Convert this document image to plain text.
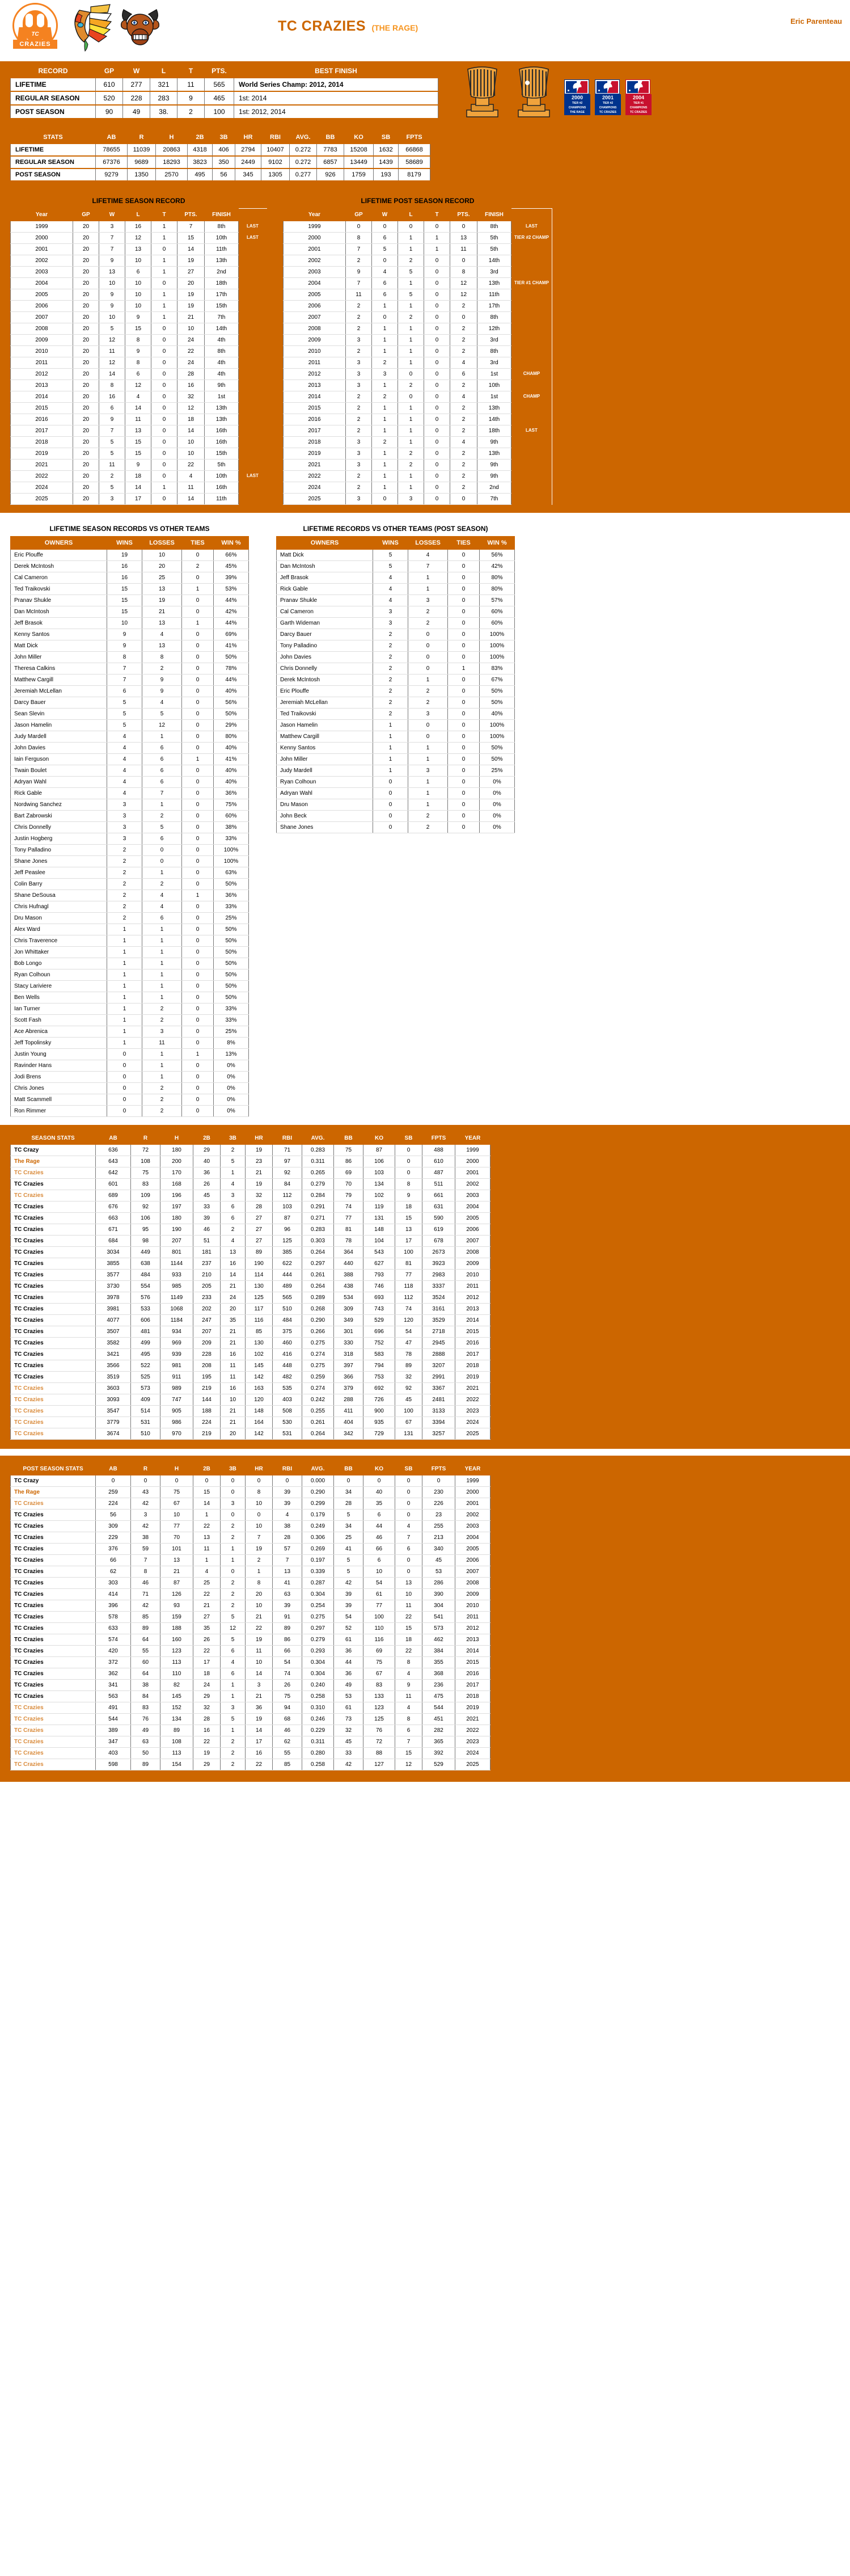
TC
CRAZIES
TC CRAZIES (THE RAGE)
Eric Parenteau
RECORD	GP	W	L	T	PTS.	BEST FINISH
LIFETIME	610	277	321	11	565	World Series Champ: 2012, 2014
REGULAR SEASON	520	228	283	9	465	1st: 2014
POST SEASON	90	49	38.	2	100	1st: 2012, 2014
2000
TIER #2
CHAMPIONS
THE RAGE
2001
TIER #2
CHAMPIONS
TC CRAZIES
2004
TIER #1
CHAMPIONS
TC CRAZIES
STATS	AB	R	H	2B	3B	HR	RBI	AVG.	BB	KO	SB	FPTS
LIFETIME	78655	11039	20863	4318	406	2794	10407	0.272	7783	15208	1632	66868
REGULAR SEASON	67376	9689	18293	3823	350	2449	9102	0.272	6857	13449	1439	58689
POST SEASON	9279	1350	2570	495	56	345	1305	0.277	926	1759	193	8179
LIFETIME SEASON RECORD
Year	GP	W	L	T	PTS.	FINISH	
1999	20	3	16	1	7	8th	LAST
2000	20	7	12	1	15	10th	LAST
2001	20	7	13	0	14	11th	
2002	20	9	10	1	19	13th	
2003	20	13	6	1	27	2nd	
2004	20	10	10	0	20	18th	
2005	20	9	10	1	19	17th	
2006	20	9	10	1	19	15th	
2007	20	10	9	1	21	7th	
2008	20	5	15	0	10	14th	
2009	20	12	8	0	24	4th	
2010	20	11	9	0	22	8th	
2011	20	12	8	0	24	4th	
2012	20	14	6	0	28	4th	
2013	20	8	12	0	16	9th	
2014	20	16	4	0	32	1st	
2015	20	6	14	0	12	13th	
2016	20	9	11	0	18	13th	
2017	20	7	13	0	14	16th	
2018	20	5	15	0	10	16th	
2019	20	5	15	0	10	15th	
2021	20	11	9	0	22	5th	
2022	20	2	18	0	4	10th	LAST
2024	20	5	14	1	11	16th	
2025	20	3	17	0	14	11th	
LIFETIME POST SEASON RECORD
Year	GP	W	L	T	PTS.	FINISH	
1999	0	0	0	0	0	8th	LAST
2000	8	6	1	1	13	5th	TIER #2 CHAMP
2001	7	5	1	1	11	5th	
2002	2	0	2	0	0	14th	
2003	9	4	5	0	8	3rd	
2004	7	6	1	0	12	13th	TIER #1 CHAMP
2005	11	6	5	0	12	11th	
2006	2	1	1	0	2	17th	
2007	2	0	2	0	0	8th	
2008	2	1	1	0	2	12th	
2009	3	1	1	0	2	3rd	
2010	2	1	1	0	2	8th	
2011	3	2	1	0	4	3rd	
2012	3	3	0	0	6	1st	CHAMP
2013	3	1	2	0	2	10th	
2014	2	2	0	0	4	1st	CHAMP
2015	2	1	1	0	2	13th	
2016	2	1	1	0	2	14th	
2017	2	1	1	0	2	18th	LAST
2018	3	2	1	0	4	9th	
2019	3	1	2	0	2	13th	
2021	3	1	2	0	2	9th	
2022	2	1	1	0	2	9th	
2024	2	1	1	0	2	2nd	
2025	3	0	3	0	0	7th	
LIFETIME SEASON RECORDS VS OTHER TEAMS
OWNERS	WINS	LOSSES	TIES	WIN %
Eric Plouffe	19	10	0	66%
Derek McIntosh	16	20	2	45%
Cal Cameron	16	25	0	39%
Ted Traikovski	15	13	1	53%
Pranav Shukle	15	19	0	44%
Dan McIntosh	15	21	0	42%
Jeff Brasok	10	13	1	44%
Kenny Santos	9	4	0	69%
Matt Dick	9	13	0	41%
John Miller	8	8	0	50%
Theresa Calkins	7	2	0	78%
Matthew Cargill	7	9	0	44%
Jeremiah McLellan	6	9	0	40%
Darcy Bauer	5	4	0	56%
Sean Slevin	5	5	0	50%
Jason Hamelin	5	12	0	29%
Judy Mardell	4	1	0	80%
John Davies	4	6	0	40%
Iain Ferguson	4	6	1	41%
Twain Boulet	4	6	0	40%
Adryan Wahl	4	6	0	40%
Rick Gable	4	7	0	36%
Nordwing Sanchez	3	1	0	75%
Bart Zabrowski	3	2	0	60%
Chris Donnelly	3	5	0	38%
Justin Hogberg	3	6	0	33%
Tony Palladino	2	0	0	100%
Shane Jones	2	0	0	100%
Jeff Peaslee	2	1	0	63%
Colin Barry	2	2	0	50%
Shane DeSousa	2	4	1	36%
Chris Hufnagl	2	4	0	33%
Dru Mason	2	6	0	25%
Alex Ward	1	1	0	50%
Chris Traverence	1	1	0	50%
Jon Whittaker	1	1	0	50%
Bob Longo	1	1	0	50%
Ryan Colhoun	1	1	0	50%
Stacy Lariviere	1	1	0	50%
Ben Wells	1	1	0	50%
Ian Turner	1	2	0	33%
Scott Fash	1	2	0	33%
Ace Abrenica	1	3	0	25%
Jeff Topolinsky	1	11	0	8%
Justin Young	0	1	1	13%
Ravinder Hans	0	1	0	0%
Jodi Brens	0	1	0	0%
Chris Jones	0	2	0	0%
Matt Scammell	0	2	0	0%
Ron Rimmer	0	2	0	0%
LIFETIME RECORDS VS OTHER TEAMS (POST SEASON)
OWNERS	WINS	LOSSES	TIES	WIN %
Matt Dick	5	4	0	56%
Dan McIntosh	5	7	0	42%
Jeff Brasok	4	1	0	80%
Rick Gable	4	1	0	80%
Pranav Shukle	4	3	0	57%
Cal Cameron	3	2	0	60%
Garth Wideman	3	2	0	60%
Darcy Bauer	2	0	0	100%
Tony Palladino	2	0	0	100%
John Davies	2	0	0	100%
Chris Donnelly	2	0	1	83%
Derek McIntosh	2	1	0	67%
Eric Plouffe	2	2	0	50%
Jeremiah McLellan	2	2	0	50%
Ted Traikovski	2	3	0	40%
Jason Hamelin	1	0	0	100%
Matthew Cargill	1	0	0	100%
Kenny Santos	1	1	0	50%
John Miller	1	1	0	50%
Judy Mardell	1	3	0	25%
Ryan Colhoun	0	1	0	0%
Adryan Wahl	0	1	0	0%
Dru Mason	0	1	0	0%
John Beck	0	2	0	0%
Shane Jones	0	2	0	0%
SEASON STATS	AB	R	H	2B	3B	HR	RBI	AVG.	BB	KO	SB	FPTS	YEAR
TC Crazy	636	72	180	29	2	19	71	0.283	75	87	0	488	1999
The Rage	643	108	200	40	5	23	97	0.311	86	106	0	610	2000
TC Crazies	642	75	170	36	1	21	92	0.265	69	103	0	487	2001
TC Crazies	601	83	168	26	4	19	84	0.279	70	134	8	511	2002
TC Crazies	689	109	196	45	3	32	112	0.284	79	102	9	661	2003
TC Crazies	676	92	197	33	6	28	103	0.291	74	119	18	631	2004
TC Crazies	663	106	180	39	6	27	87	0.271	77	131	15	590	2005
TC Crazies	671	95	190	46	2	27	96	0.283	81	148	13	619	2006
TC Crazies	684	98	207	51	4	27	125	0.303	78	104	17	678	2007
TC Crazies	3034	449	801	181	13	89	385	0.264	364	543	100	2673	2008
TC Crazies	3855	638	1144	237	16	190	622	0.297	440	627	81	3923	2009
TC Crazies	3577	484	933	210	14	114	444	0.261	388	793	77	2983	2010
TC Crazies	3730	554	985	205	21	130	489	0.264	438	746	118	3337	2011
TC Crazies	3978	576	1149	233	24	125	565	0.289	534	693	112	3524	2012
TC Crazies	3981	533	1068	202	20	117	510	0.268	309	743	74	3161	2013
TC Crazies	4077	606	1184	247	35	116	484	0.290	349	529	120	3529	2014
TC Crazies	3507	481	934	207	21	85	375	0.266	301	696	54	2718	2015
TC Crazies	3582	499	969	209	21	130	460	0.275	330	752	47	2945	2016
TC Crazies	3421	495	939	228	16	102	416	0.274	318	583	78	2888	2017
TC Crazies	3566	522	981	208	11	145	448	0.275	397	794	89	3207	2018
TC Crazies	3519	525	911	195	11	142	482	0.259	366	753	32	2991	2019
TC Crazies	3603	573	989	219	16	163	535	0.274	379	692	92	3367	2021
TC Crazies	3093	409	747	144	10	120	403	0.242	288	726	45	2481	2022
TC Crazies	3547	514	905	188	21	148	508	0.255	411	900	100	3133	2023
TC Crazies	3779	531	986	224	21	164	530	0.261	404	935	67	3394	2024
TC Crazies	3674	510	970	219	20	142	531	0.264	342	729	131	3257	2025
POST SEASON STATS	AB	R	H	2B	3B	HR	RBI	AVG.	BB	KO	SB	FPTS	YEAR
TC Crazy	0	0	0	0	0	0	0	0.000	0	0	0	0	1999
The Rage	259	43	75	15	0	8	39	0.290	34	40	0	230	2000
TC Crazies	224	42	67	14	3	10	39	0.299	28	35	0	226	2001
TC Crazies	56	3	10	1	0	0	4	0.179	5	6	0	23	2002
TC Crazies	309	42	77	22	2	10	38	0.249	34	44	4	255	2003
TC Crazies	229	38	70	13	2	7	28	0.306	25	46	7	213	2004
TC Crazies	376	59	101	11	1	19	57	0.269	41	66	6	340	2005
TC Crazies	66	7	13	1	1	2	7	0.197	5	6	0	45	2006
TC Crazies	62	8	21	4	0	1	13	0.339	5	10	0	53	2007
TC Crazies	303	46	87	25	2	8	41	0.287	42	54	13	286	2008
TC Crazies	414	71	126	22	2	20	63	0.304	39	61	10	390	2009
TC Crazies	396	42	93	21	2	10	39	0.254	39	77	11	304	2010
TC Crazies	578	85	159	27	5	21	91	0.275	54	100	22	541	2011
TC Crazies	633	89	188	35	12	22	89	0.297	52	110	15	573	2012
TC Crazies	574	64	160	26	5	19	86	0.279	61	116	18	462	2013
TC Crazies	420	55	123	22	6	11	66	0.293	36	69	22	384	2014
TC Crazies	372	60	113	17	4	10	54	0.304	44	75	8	355	2015
TC Crazies	362	64	110	18	6	14	74	0.304	36	67	4	368	2016
TC Crazies	341	38	82	24	1	3	26	0.240	49	83	9	236	2017
TC Crazies	563	84	145	29	1	21	75	0.258	53	133	11	475	2018
TC Crazies	491	83	152	32	3	36	94	0.310	61	123	4	544	2019
TC Crazies	544	76	134	28	5	19	68	0.246	73	125	8	451	2021
TC Crazies	389	49	89	16	1	14	46	0.229	32	76	6	282	2022
TC Crazies	347	63	108	22	2	17	62	0.311	45	72	7	365	2023
TC Crazies	403	50	113	19	2	16	55	0.280	33	88	15	392	2024
TC Crazies	598	89	154	29	2	22	85	0.258	42	127	12	529	2025
